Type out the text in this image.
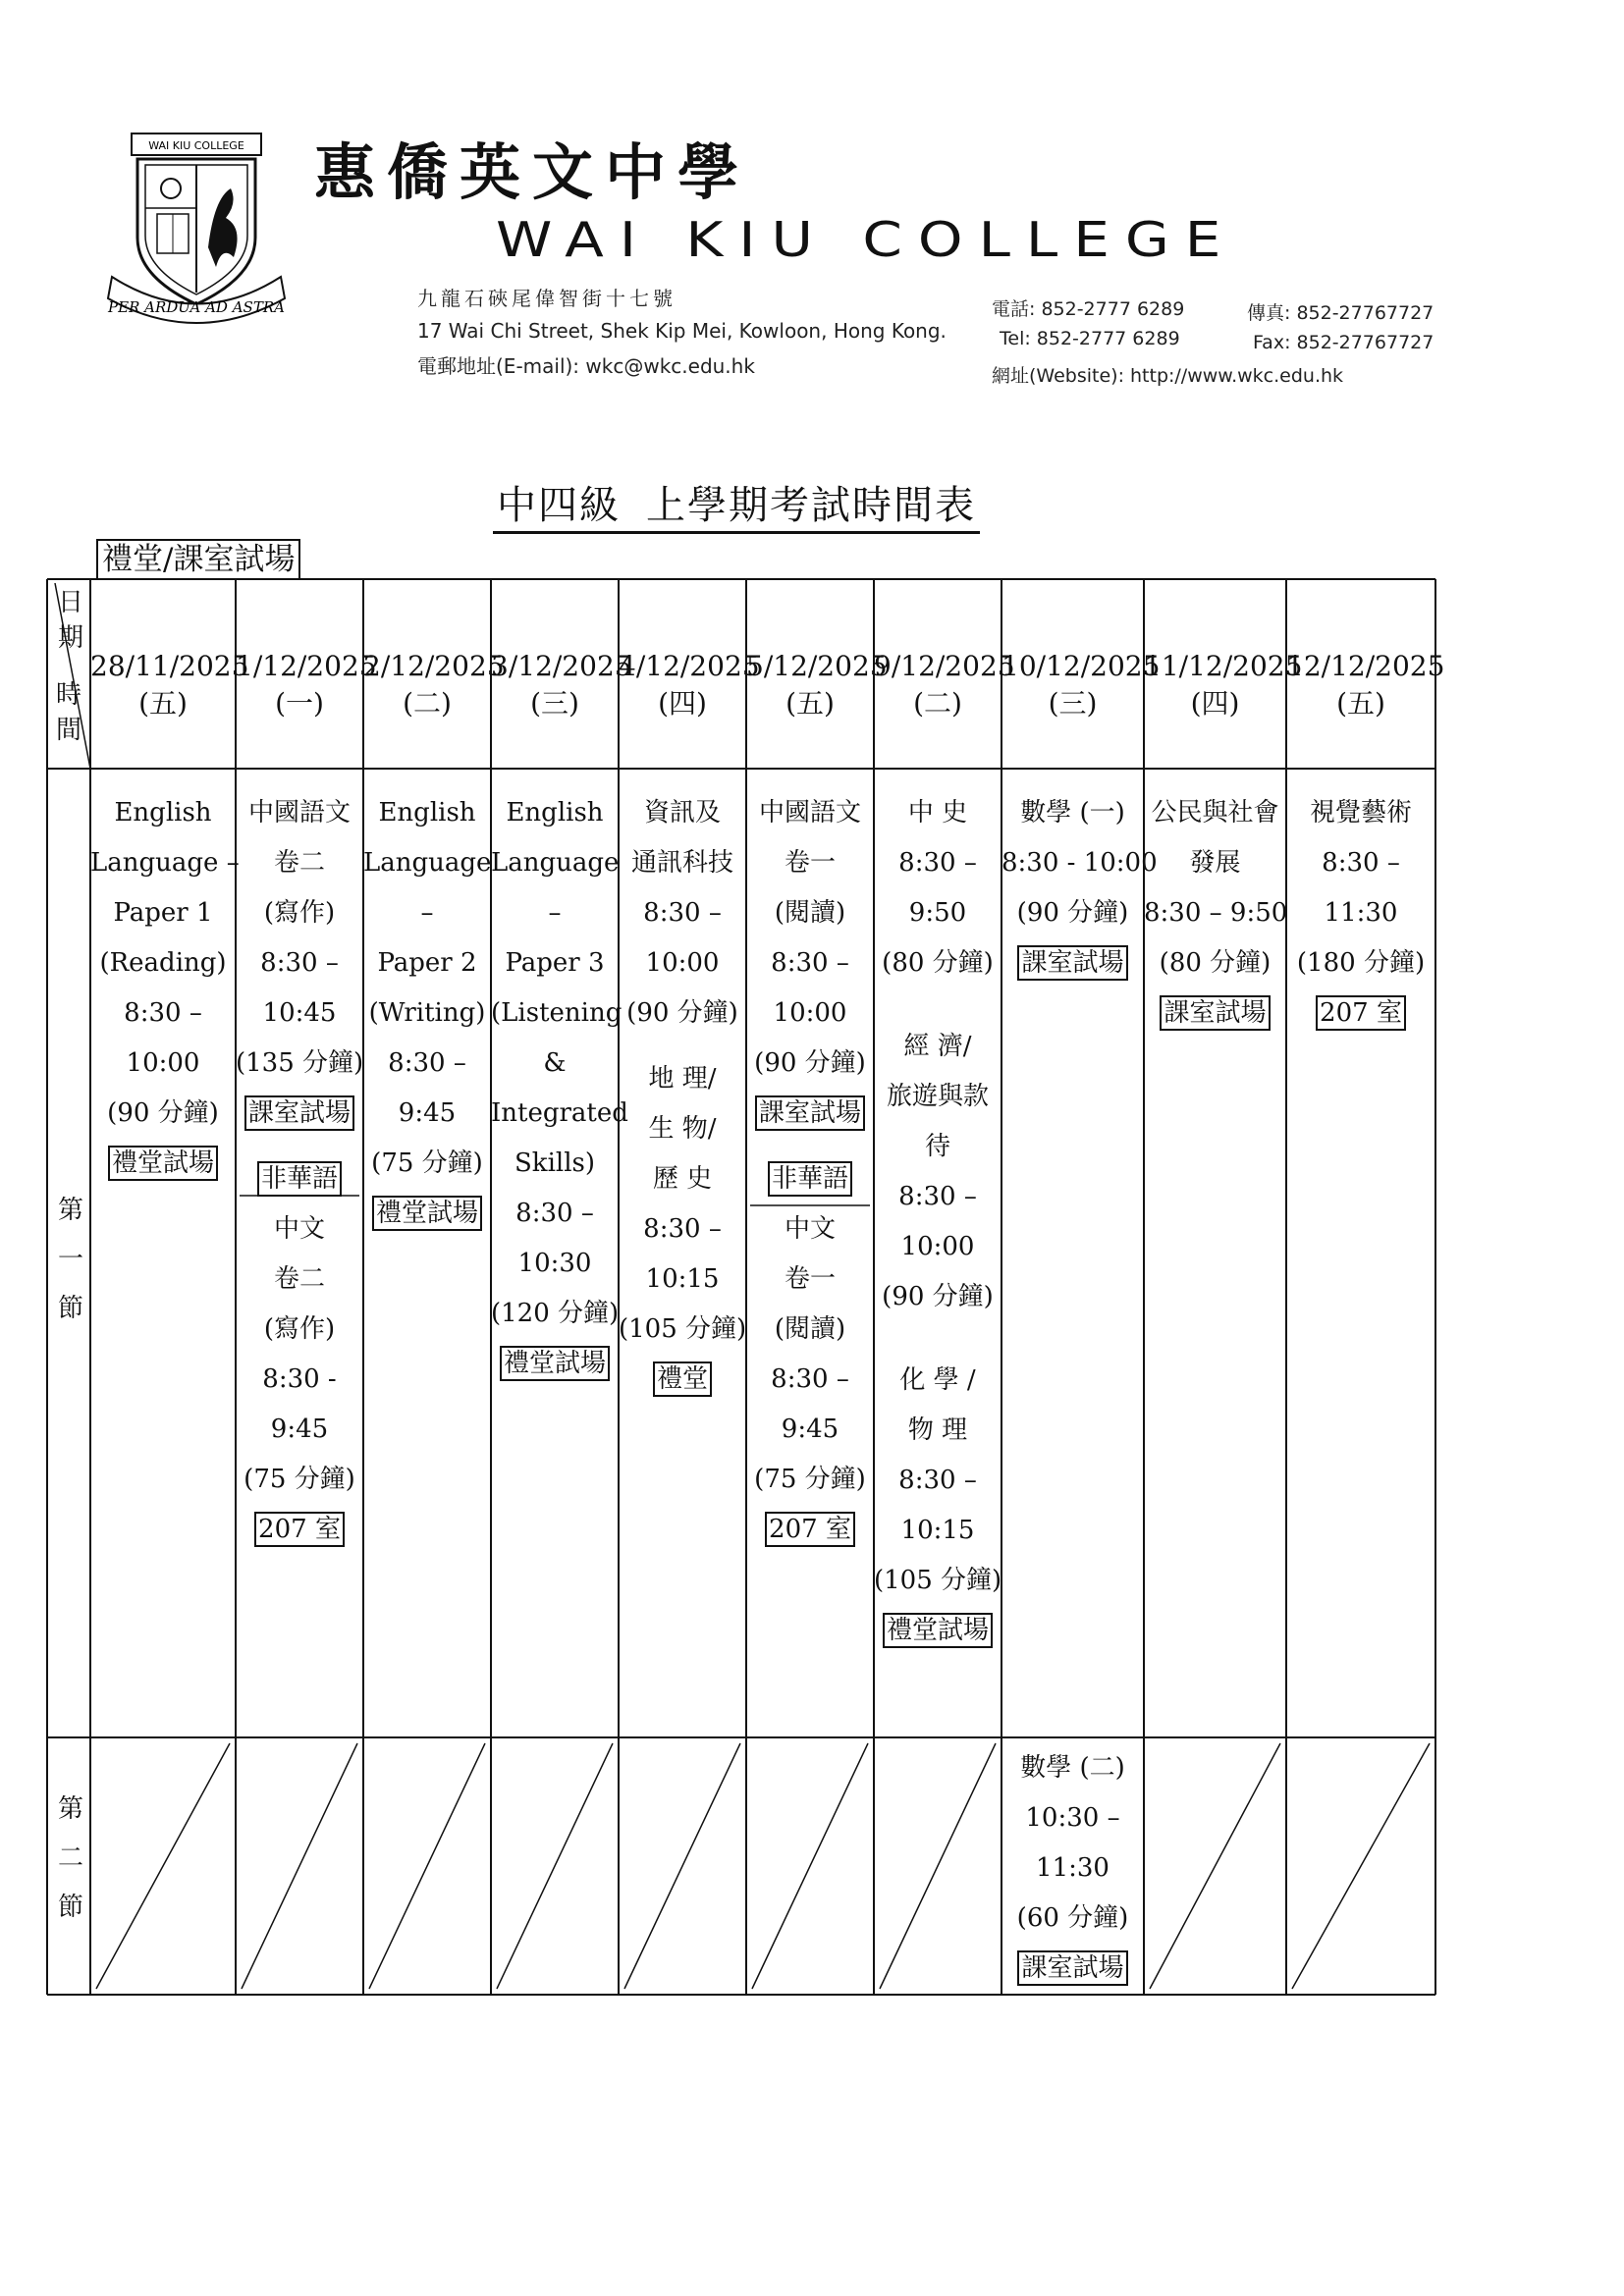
WAI KIU COLLEGE
PER ARDUA AD ASTRA
惠僑英文中學
WAI KIU COLLEGE
九龍石硤尾偉智街十七號
17 Wai Chi Street, Shek Kip Mei, Kowloon, Hong Kong.
電郵地址(E-mail): wkc@wkc.edu.hk
電話: 852-2777 6289	傳真: 852-27767727
Tel: 852-2777 6289	Fax: 852-27767727
網址(Website): http://www.wkc.edu.hk
中四級 上學期考試時間表
禮堂/課室試場
日
期
時
間
第
一
節
第
二
節
28/11/2025
(五)
1/12/2025
(一)
2/12/2025
(二)
3/12/2025
(三)
4/12/2025
(四)
5/12/2025
(五)
9/12/2025
(二)
10/12/2025
(三)
11/12/2025
(四)
12/12/2025
(五)
English
Language –
Paper 1
(Reading)
8:30 –
10:00
(90 分鐘)
禮堂試場
中國語文
卷二
(寫作)
8:30 –
10:45
(135 分鐘)
課室試場
非華語
中文
卷二
(寫作)
8:30 -
9:45
(75 分鐘)
207 室
English
Language
–
Paper 2
(Writing)
8:30 –
9:45
(75 分鐘)
禮堂試場
English
Language
–
Paper 3
(Listening
&
Integrated
Skills)
8:30 –
10:30
(120 分鐘)
禮堂試場
資訊及
通訊科技
8:30 –
10:00
(90 分鐘)
地 理/
生 物/
歷 史
8:30 –
10:15
(105 分鐘)
禮堂
中國語文
卷一
(閱讀)
8:30 –
10:00
(90 分鐘)
課室試場
非華語
中文
卷一
(閱讀)
8:30 –
9:45
(75 分鐘)
207 室
中 史
8:30 –
9:50
(80 分鐘)
經 濟/
旅遊與款
待
8:30 –
10:00
(90 分鐘)
化 學 /
物 理
8:30 –
10:15
(105 分鐘)
禮堂試場
數學 (一)
8:30 - 10:00
(90 分鐘)
課室試場
公民與社會
發展
8:30 – 9:50
(80 分鐘)
課室試場
視覺藝術
8:30 –
11:30
(180 分鐘)
207 室
數學 (二)
10:30 –
11:30
(60 分鐘)
課室試場
